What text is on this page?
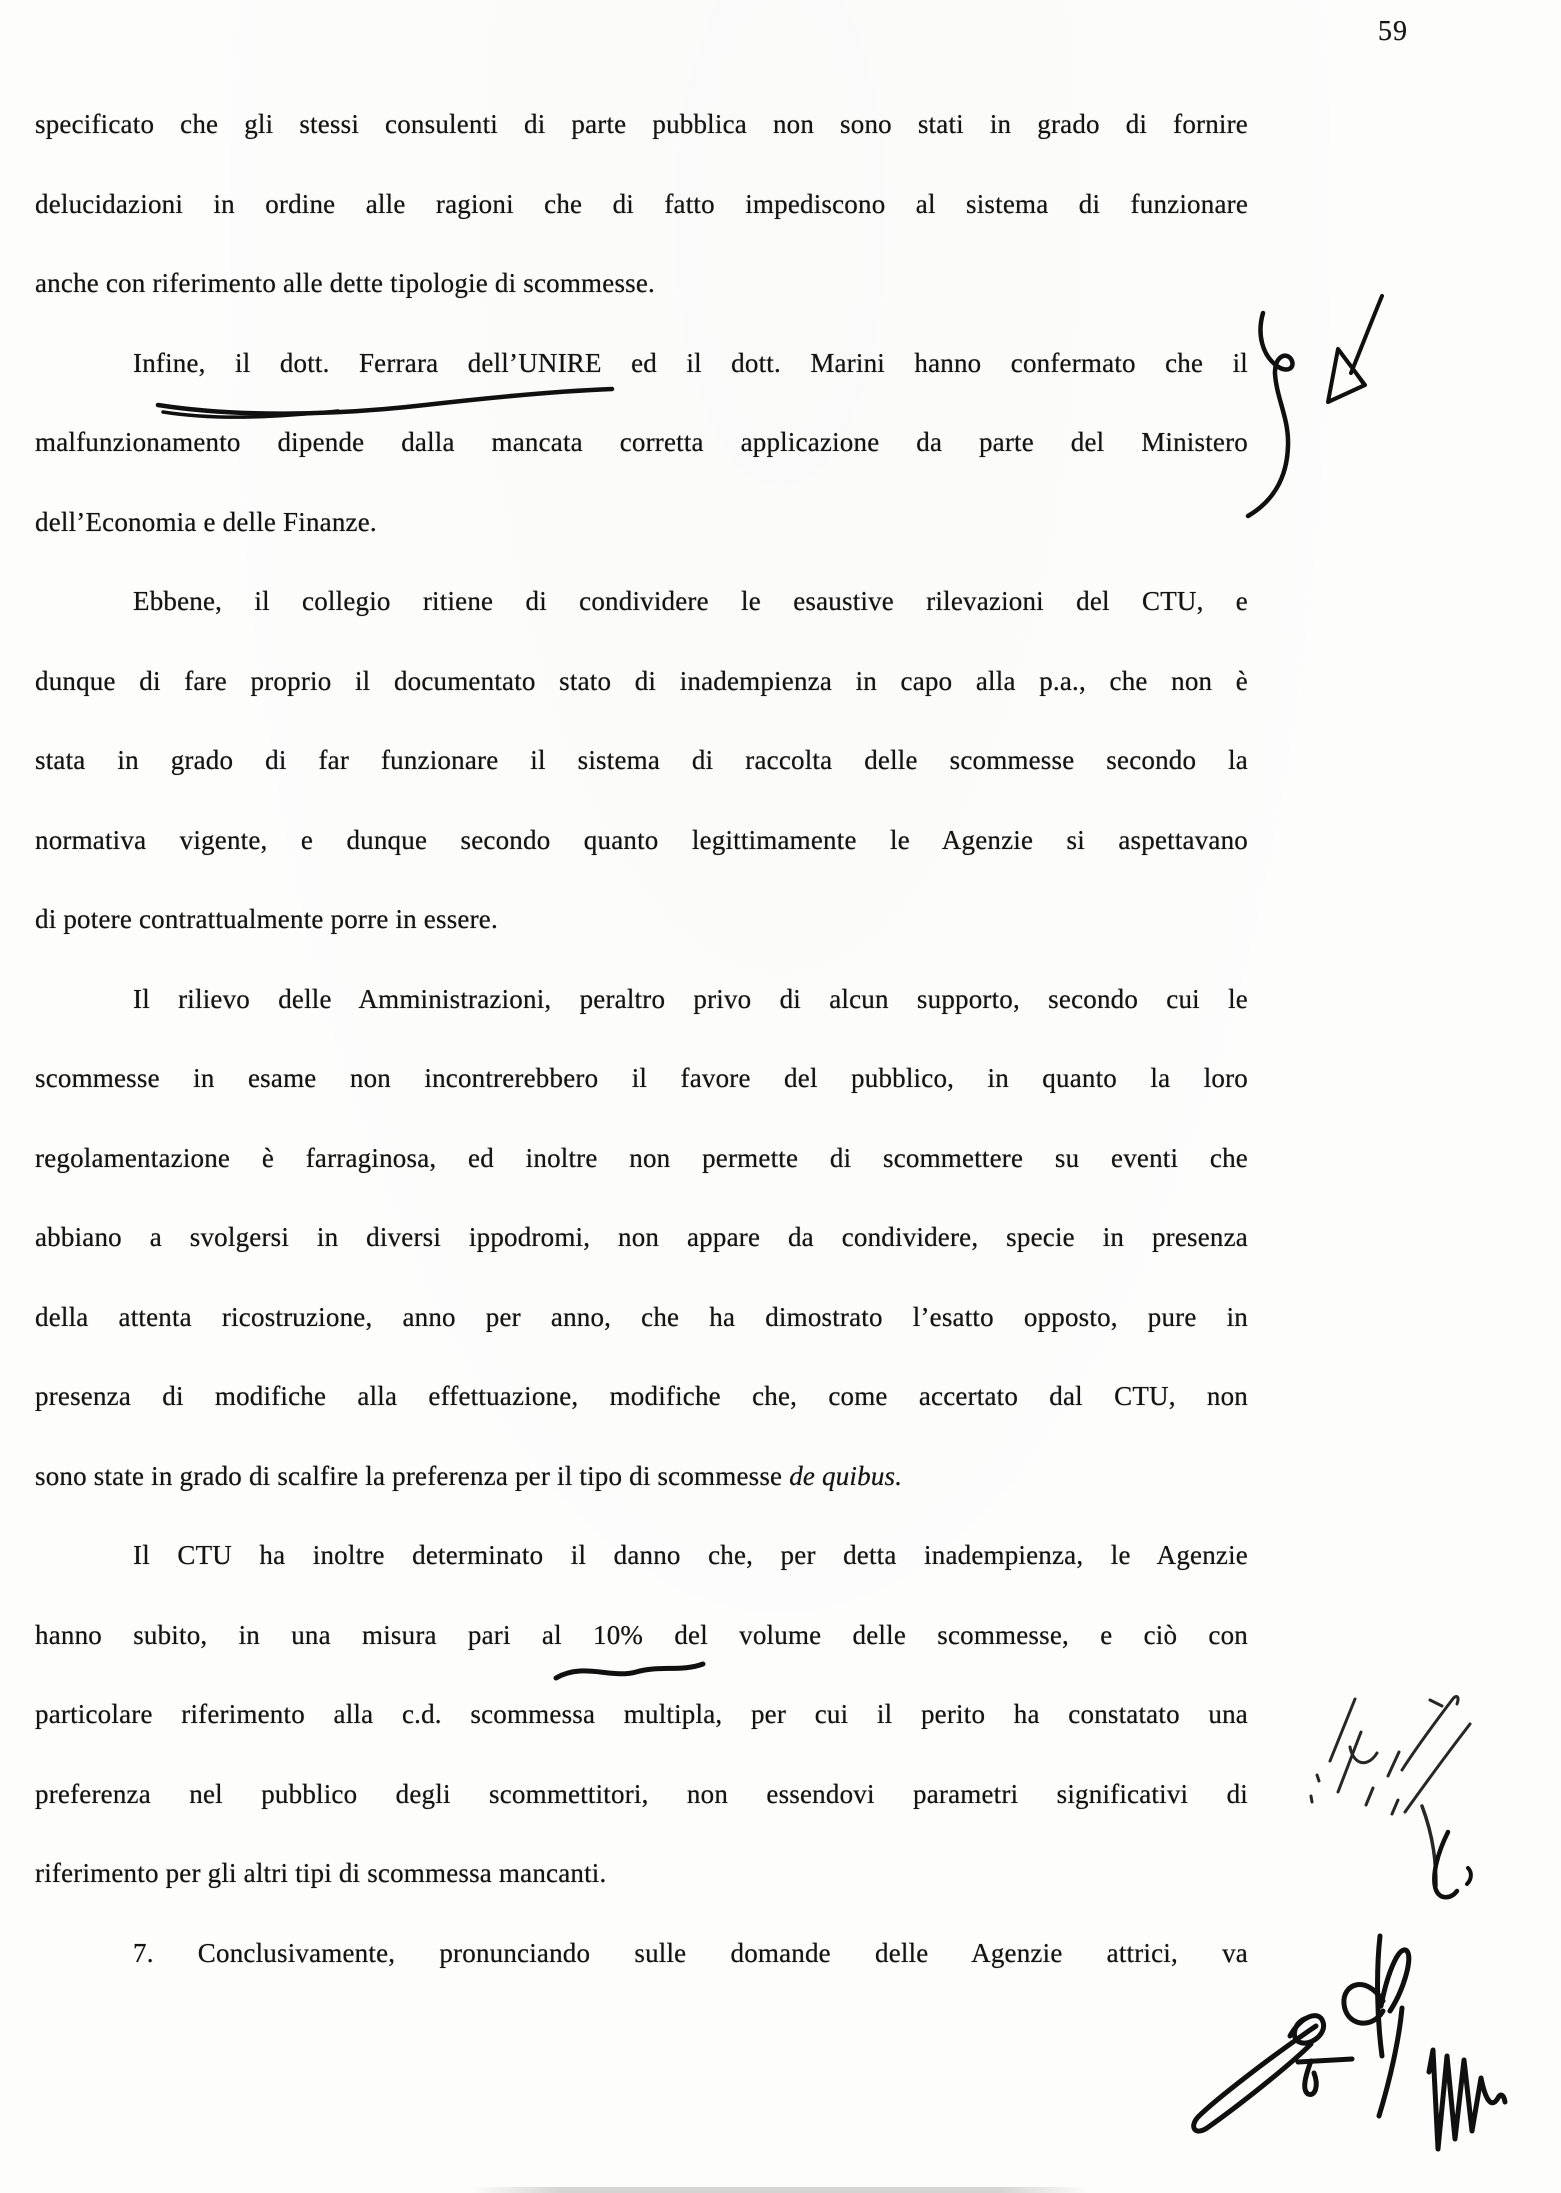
59
specificato che gli stessi consulenti di parte pubblica non sono stati in grado di fornire
delucidazioni in ordine alle ragioni che di fatto impediscono al sistema di funzionare
anche con riferimento alle dette tipologie di scommesse.
Infine, il dott. Ferrara dell’UNIRE ed il dott. Marini hanno confermato che il
malfunzionamento dipende dalla mancata corretta applicazione da parte del Ministero
dell’Economia e delle Finanze.
Ebbene, il collegio ritiene di condividere le esaustive rilevazioni del CTU, e
dunque di fare proprio il documentato stato di inadempienza in capo alla p.a., che non è
stata in grado di far funzionare il sistema di raccolta delle scommesse secondo la
normativa vigente, e dunque secondo quanto legittimamente le Agenzie si aspettavano
di potere contrattualmente porre in essere.
Il rilievo delle Amministrazioni, peraltro privo di alcun supporto, secondo cui le
scommesse in esame non incontrerebbero il favore del pubblico, in quanto la loro
regolamentazione è farraginosa, ed inoltre non permette di scommettere su eventi che
abbiano a svolgersi in diversi ippodromi, non appare da condividere, specie in presenza
della attenta ricostruzione, anno per anno, che ha dimostrato l’esatto opposto, pure in
presenza di modifiche alla effettuazione, modifiche che, come accertato dal CTU, non
sono state in grado di scalfire la preferenza per il tipo di scommesse de quibus.
Il CTU ha inoltre determinato il danno che, per detta inadempienza, le Agenzie
hanno subito, in una misura pari al 10% del volume delle scommesse, e ciò con
particolare riferimento alla c.d. scommessa multipla, per cui il perito ha constatato una
preferenza nel pubblico degli scommettitori, non essendovi parametri significativi di
riferimento per gli altri tipi di scommessa mancanti.
7. Conclusivamente, pronunciando sulle domande delle Agenzie attrici, va
